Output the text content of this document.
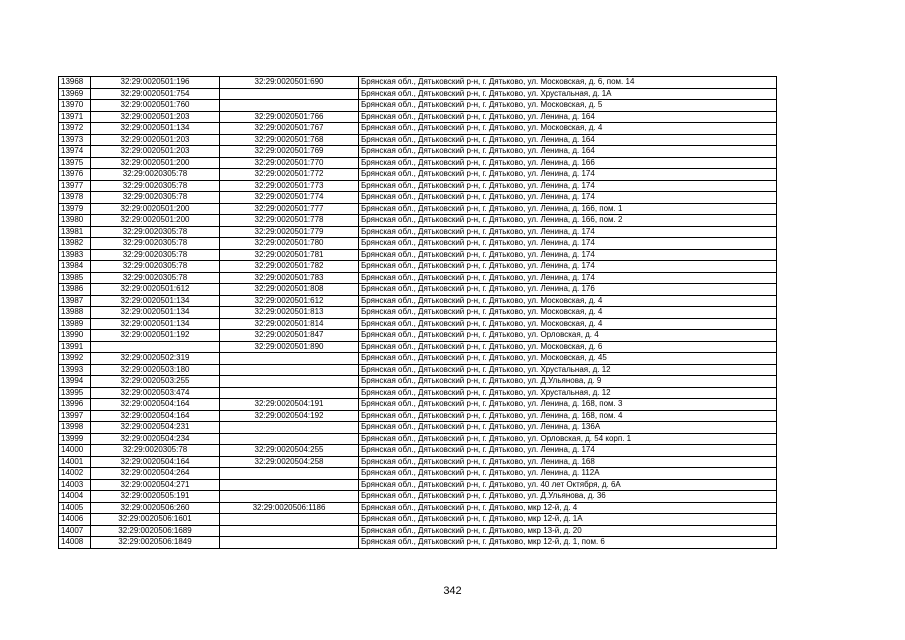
13968	32:29:0020501:196	32:29:0020501:690	Брянская обл., Дятьковский р-н, г. Дятьково, ул. Московская, д. 6, пом. 14
13969	32:29:0020501:754		Брянская обл., Дятьковский р-н, г. Дятьково, ул. Хрустальная, д. 1А
13970	32:29:0020501:760		Брянская обл., Дятьковский р-н, г. Дятьково, ул. Московская, д. 5
13971	32:29:0020501:203	32:29:0020501:766	Брянская обл., Дятьковский р-н, г. Дятьково, ул. Ленина, д. 164
13972	32:29:0020501:134	32:29:0020501:767	Брянская обл., Дятьковский р-н, г. Дятьково, ул. Московская, д. 4
13973	32:29:0020501:203	32:29:0020501:768	Брянская обл., Дятьковский р-н, г. Дятьково, ул. Ленина, д. 164
13974	32:29:0020501:203	32:29:0020501:769	Брянская обл., Дятьковский р-н, г. Дятьково, ул. Ленина, д. 164
13975	32:29:0020501:200	32:29:0020501:770	Брянская обл., Дятьковский р-н, г. Дятьково, ул. Ленина, д. 166
13976	32:29:0020305:78	32:29:0020501:772	Брянская обл., Дятьковский р-н, г. Дятьково, ул. Ленина, д. 174
13977	32:29:0020305:78	32:29:0020501:773	Брянская обл., Дятьковский р-н, г. Дятьково, ул. Ленина, д. 174
13978	32:29:0020305:78	32:29:0020501:774	Брянская обл., Дятьковский р-н, г. Дятьково, ул. Ленина, д. 174
13979	32:29:0020501:200	32:29:0020501:777	Брянская обл., Дятьковский р-н, г. Дятьково, ул. Ленина, д. 166, пом. 1
13980	32:29:0020501:200	32:29:0020501:778	Брянская обл., Дятьковский р-н, г. Дятьково, ул. Ленина, д. 166, пом. 2
13981	32:29:0020305:78	32:29:0020501:779	Брянская обл., Дятьковский р-н, г. Дятьково, ул. Ленина, д. 174
13982	32:29:0020305:78	32:29:0020501:780	Брянская обл., Дятьковский р-н, г. Дятьково, ул. Ленина, д. 174
13983	32:29:0020305:78	32:29:0020501:781	Брянская обл., Дятьковский р-н, г. Дятьково, ул. Ленина, д. 174
13984	32:29:0020305:78	32:29:0020501:782	Брянская обл., Дятьковский р-н, г. Дятьково, ул. Ленина, д. 174
13985	32:29:0020305:78	32:29:0020501:783	Брянская обл., Дятьковский р-н, г. Дятьково, ул. Ленина, д. 174
13986	32:29:0020501:612	32:29:0020501:808	Брянская обл., Дятьковский р-н, г. Дятьково, ул. Ленина, д. 176
13987	32:29:0020501:134	32:29:0020501:612	Брянская обл., Дятьковский р-н, г. Дятьково, ул. Московская, д. 4
13988	32:29:0020501:134	32:29:0020501:813	Брянская обл., Дятьковский р-н, г. Дятьково, ул. Московская, д. 4
13989	32:29:0020501:134	32:29:0020501:814	Брянская обл., Дятьковский р-н, г. Дятьково, ул. Московская, д. 4
13990	32:29:0020501:192	32:29:0020501:847	Брянская обл., Дятьковский р-н, г. Дятьково, ул. Орловская, д. 4
13991		32:29:0020501:890	Брянская обл., Дятьковский р-н, г. Дятьково, ул. Московская, д. 6
13992	32:29:0020502:319		Брянская обл., Дятьковский р-н, г. Дятьково, ул. Московская, д. 45
13993	32:29:0020503:180		Брянская обл., Дятьковский р-н, г. Дятьково, ул. Хрустальная, д. 12
13994	32:29:0020503:255		Брянская обл., Дятьковский р-н, г. Дятьково, ул. Д.Ульянова, д. 9
13995	32:29:0020503:474		Брянская обл., Дятьковский р-н, г. Дятьково, ул. Хрустальная, д. 12
13996	32:29:0020504:164	32:29:0020504:191	Брянская обл., Дятьковский р-н, г. Дятьково, ул. Ленина, д. 168, пом. 3
13997	32:29:0020504:164	32:29:0020504:192	Брянская обл., Дятьковский р-н, г. Дятьково, ул. Ленина, д. 168, пом. 4
13998	32:29:0020504:231		Брянская обл., Дятьковский р-н, г. Дятьково, ул. Ленина, д. 136А
13999	32:29:0020504:234		Брянская обл., Дятьковский р-н, г. Дятьково, ул. Орловская, д. 54 корп. 1
14000	32:29:0020305:78	32:29:0020504:255	Брянская обл., Дятьковский р-н, г. Дятьково, ул. Ленина, д. 174
14001	32:29:0020504:164	32:29:0020504:258	Брянская обл., Дятьковский р-н, г. Дятьково, ул. Ленина, д. 168
14002	32:29:0020504:264		Брянская обл., Дятьковский р-н, г. Дятьково, ул. Ленина, д. 112А
14003	32:29:0020504:271		Брянская обл., Дятьковский р-н, г. Дятьково, ул. 40 лет Октября, д. 6А
14004	32:29:0020505:191		Брянская обл., Дятьковский р-н, г. Дятьково, ул. Д.Ульянова, д. 36
14005	32:29:0020506:260	32:29:0020506:1186	Брянская обл., Дятьковский р-н, г. Дятьково, мкр 12-й, д. 4
14006	32:29:0020506:1601		Брянская обл., Дятьковский р-н, г. Дятьково, мкр 12-й, д. 1А
14007	32:29:0020506:1689		Брянская обл., Дятьковский р-н, г. Дятьково, мкр 13-й, д. 20
14008	32:29:0020506:1849		Брянская обл., Дятьковский р-н, г. Дятьково, мкр 12-й, д. 1, пом. 6
342
